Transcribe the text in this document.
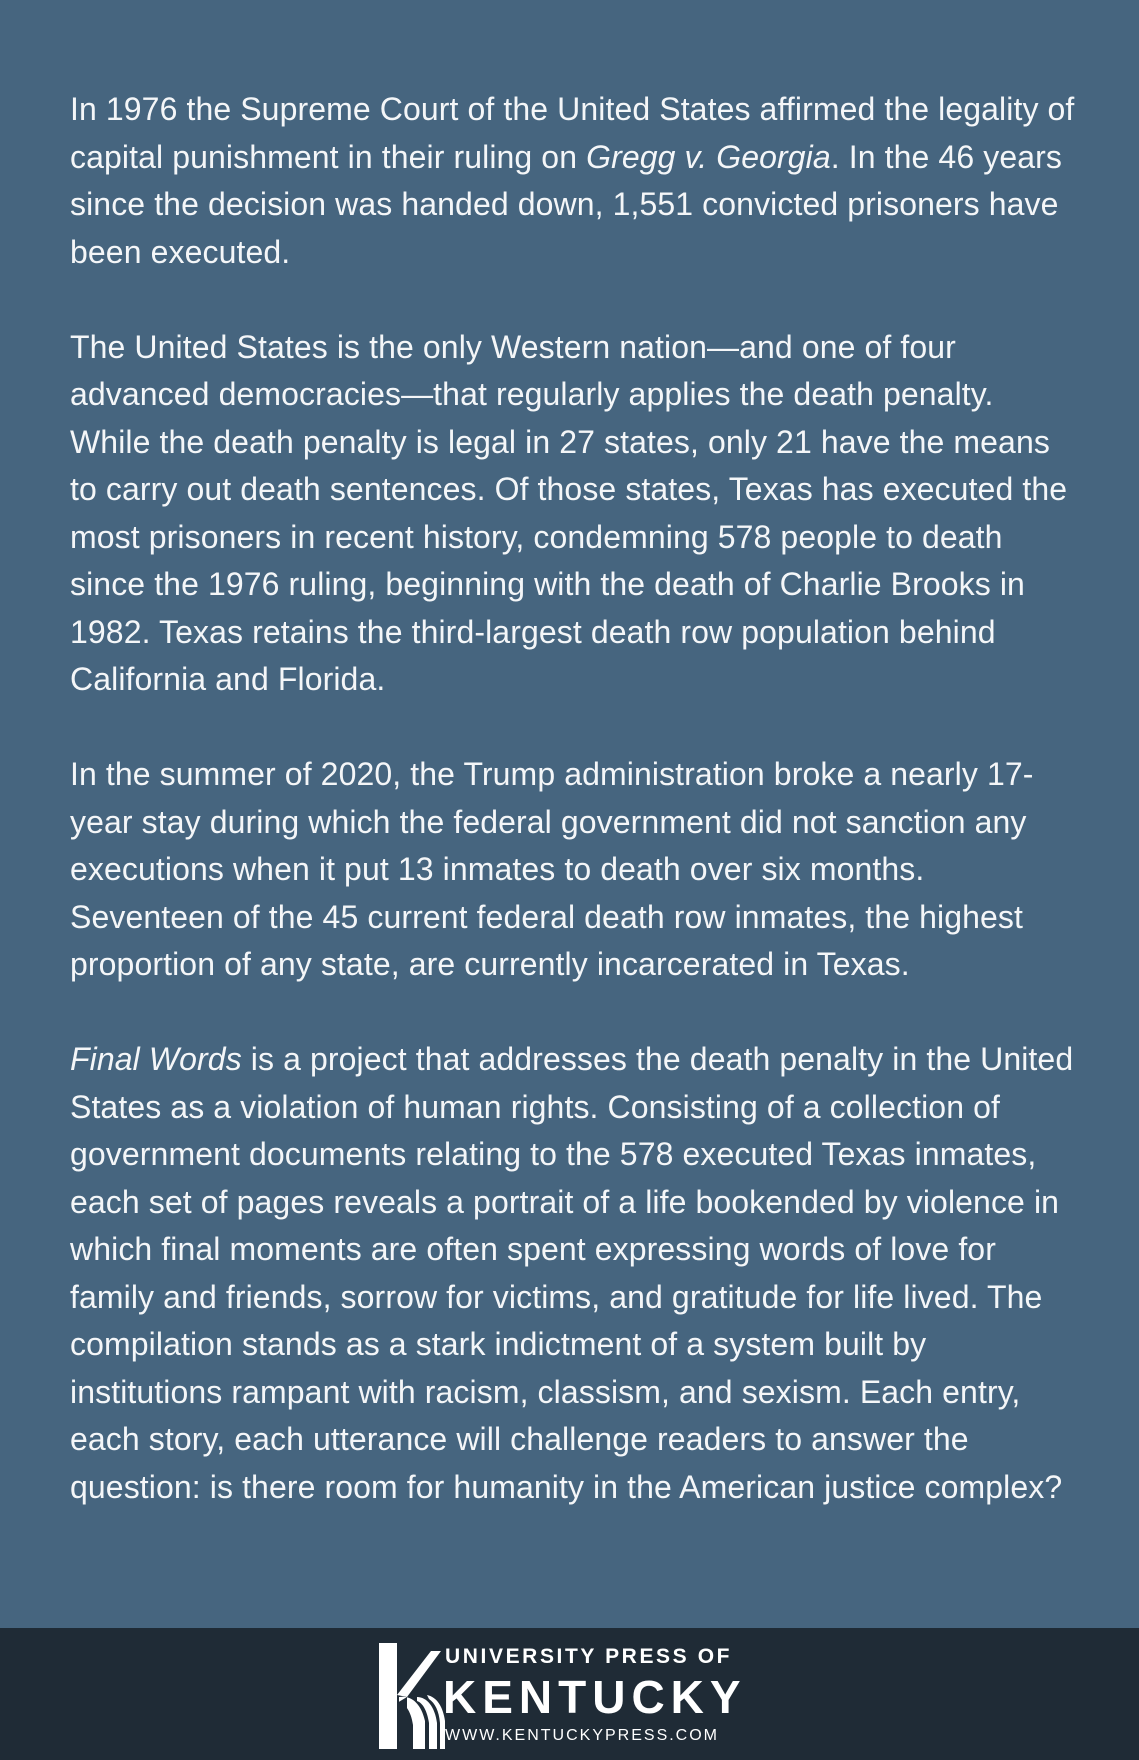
In 1976 the Supreme Court of the United States affirmed the legality of capital punishment in their ruling on Gregg v. Georgia. In the 46 years since the decision was handed down, 1,551 convicted prisoners have been executed.

The United States is the only Western nation—and one of four advanced democracies—that regularly applies the death penalty. While the death penalty is legal in 27 states, only 21 have the means to carry out death sentences. Of those states, Texas has executed the most prisoners in recent history, condemning 578 people to death since the 1976 ruling, beginning with the death of Charlie Brooks in 1982. Texas retains the third-largest death row population behind California and Florida.

In the summer of 2020, the Trump administration broke a nearly 17-year stay during which the federal government did not sanction any executions when it put 13 inmates to death over six months. Seventeen of the 45 current federal death row inmates, the highest proportion of any state, are currently incarcerated in Texas.

Final Words is a project that addresses the death penalty in the United States as a violation of human rights. Consisting of a collection of government documents relating to the 578 executed Texas inmates, each set of pages reveals a portrait of a life bookended by violence in which final moments are often spent expressing words of love for family and friends, sorrow for victims, and gratitude for life lived. The compilation stands as a stark indictment of a system built by institutions rampant with racism, classism, and sexism. Each entry, each story, each utterance will challenge readers to answer the question: is there room for humanity in the American justice complex?

UNIVERSITY PRESS OF
KENTUCKY
WWW.KENTUCKYPRESS.COM
